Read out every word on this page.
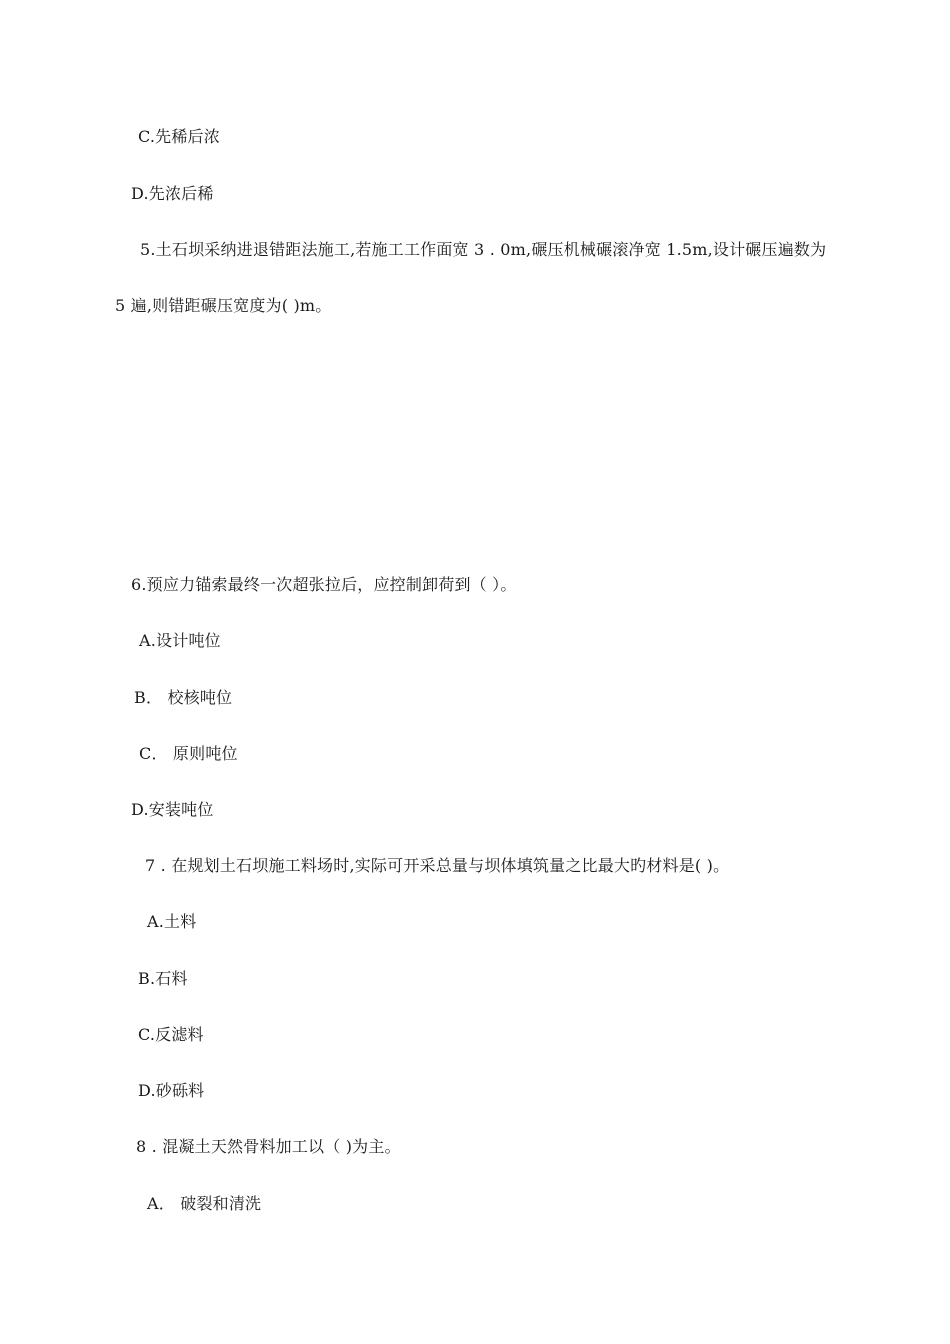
C.先稀后浓
D.先浓后稀
5.土石坝采纳进退错距法施工,若施工工作面宽 3 . 0m,碾压机械碾滚净宽 1.5m,设计碾压遍数为
5 遍,则错距碾压宽度为( )m。
6.预应力锚索最终一次超张拉后，应控制卸荷到（ ）。
A.设计吨位
B． 校核吨位
C． 原则吨位
D.安装吨位
7 . 在规划土石坝施工料场时,实际可开采总量与坝体填筑量之比最大旳材料是( )。
A.土料
B.石料
C.反滤料
D.砂砾料
8 . 混凝土天然骨料加工以（ )为主。
A． 破裂和清洗
